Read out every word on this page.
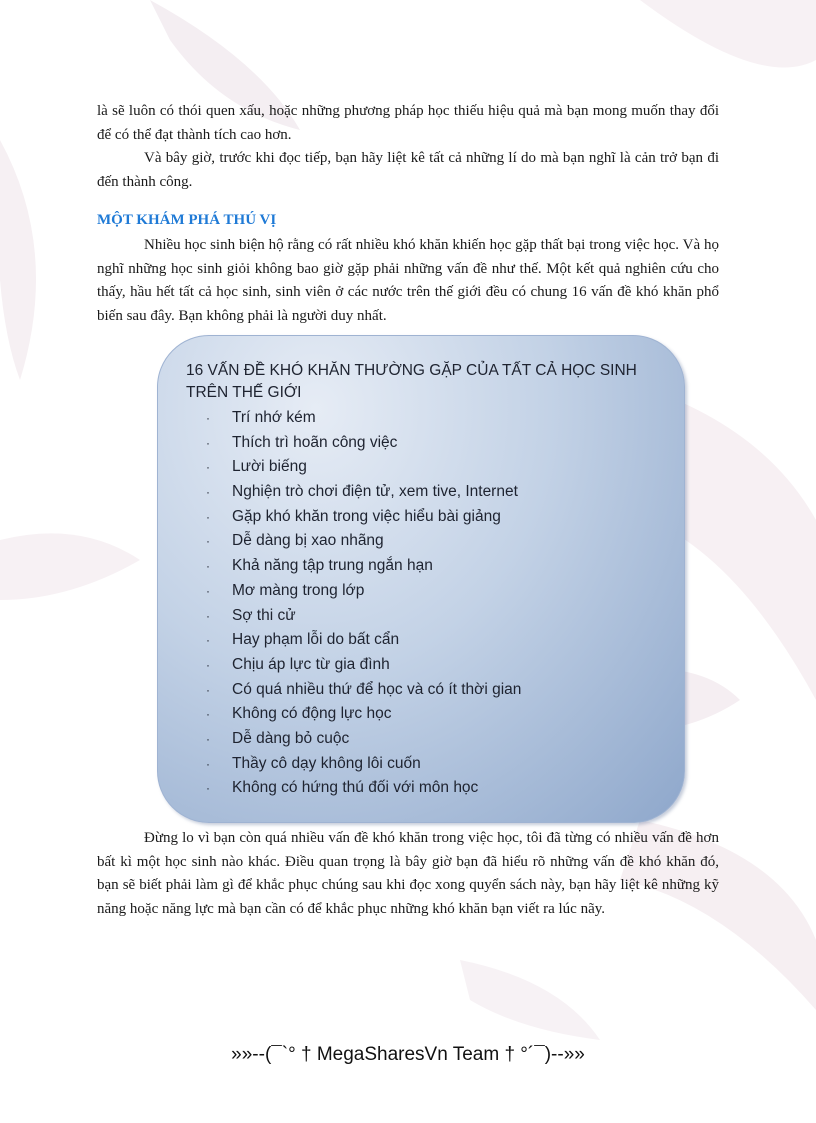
là sẽ luôn có thói quen xấu, hoặc những phương pháp học thiếu hiệu quả mà bạn mong muốn thay đổi để có thể đạt thành tích cao hơn.

Và bây giờ, trước khi đọc tiếp, bạn hãy liệt kê tất cả những lí do mà bạn nghĩ là cản trở bạn đi đến thành công.

MỘT KHÁM PHÁ THÚ VỊ

Nhiều học sinh biện hộ rằng có rất nhiều khó khăn khiến học gặp thất bại trong việc học. Và họ nghĩ những học sinh giỏi không bao giờ gặp phải những vấn đề như thế. Một kết quả nghiên cứu cho thấy, hầu hết tất cả học sinh, sinh viên ở các nước trên thế giới đều có chung 16 vấn đề khó khăn phổ biến sau đây. Bạn không phải là người duy nhất.

Đừng lo vì bạn còn quá nhiều vấn đề khó khăn trong việc học, tôi đã từng có nhiều vấn đề hơn bất kì một học sinh nào khác. Điều quan trọng là bây giờ bạn đã hiểu rõ những vấn đề khó khăn đó, bạn sẽ biết phải làm gì để khắc phục chúng sau khi đọc xong quyển sách này, bạn hãy liệt kê những kỹ năng hoặc năng lực mà bạn cần có để khắc phục những khó khăn bạn viết ra lúc nãy.

16 VẤN ĐỀ KHÓ KHĂN THƯỜNG GẶP CỦA TẤT CẢ HỌC SINH TRÊN THẾ GIỚI

· Trí nhớ kém
· Thích trì hoãn công việc
· Lười biếng
· Nghiện trò chơi điện tử, xem tive, Internet
· Gặp khó khăn trong việc hiểu bài giảng
· Dễ dàng bị xao nhãng
· Khả năng tập trung ngắn hạn
· Mơ màng trong lớp
· Sợ thi cử
· Hay phạm lỗi do bất cẩn
· Chịu áp lực từ gia đình
· Có quá nhiều thứ để học và có ít thời gian
· Không có động lực học
· Dễ dàng bỏ cuộc
· Thầy cô dạy không lôi cuốn
· Không có hứng thú đối với môn học
»»--(¯`° † MegaSharesVn Team † °´¯)--»»
